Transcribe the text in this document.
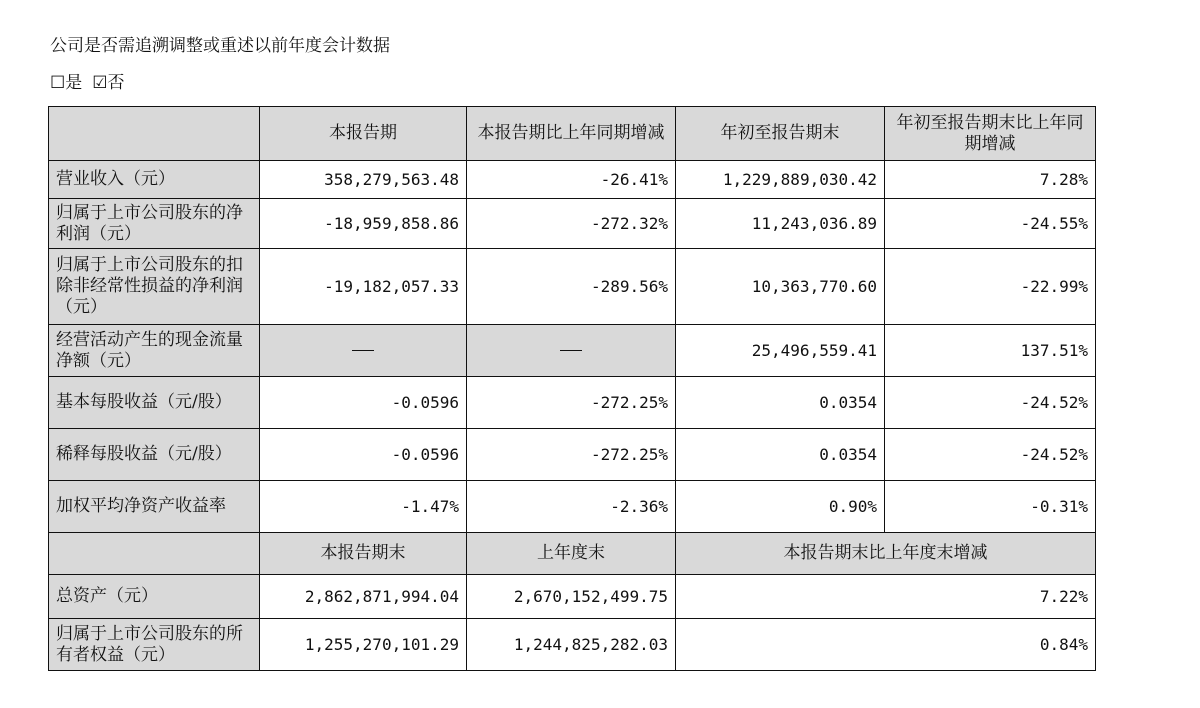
公司是否需追溯调整或重述以前年度会计数据
☐是 ☑否
	本报告期	本报告期比上年同期增减	年初至报告期末	年初至报告期末比上年同期增减
营业收入（元）	358,279,563.48	-26.41%	1,229,889,030.42	7.28%
归属于上市公司股东的净利润（元）	-18,959,858.86	-272.32%	11,243,036.89	-24.55%
归属于上市公司股东的扣除非经常性损益的净利润（元）	-19,182,057.33	-289.56%	10,363,770.60	-22.99%
经营活动产生的现金流量净额（元）			25,496,559.41	137.51%
基本每股收益（元/股）	-0.0596	-272.25%	0.0354	-24.52%
稀释每股收益（元/股）	-0.0596	-272.25%	0.0354	-24.52%
加权平均净资产收益率	-1.47%	-2.36%	0.90%	-0.31%
	本报告期末	上年度末	本报告期末比上年度末增减	
总资产（元）	2,862,871,994.04	2,670,152,499.75	7.22%	
归属于上市公司股东的所有者权益（元）	1,255,270,101.29	1,244,825,282.03	0.84%	
